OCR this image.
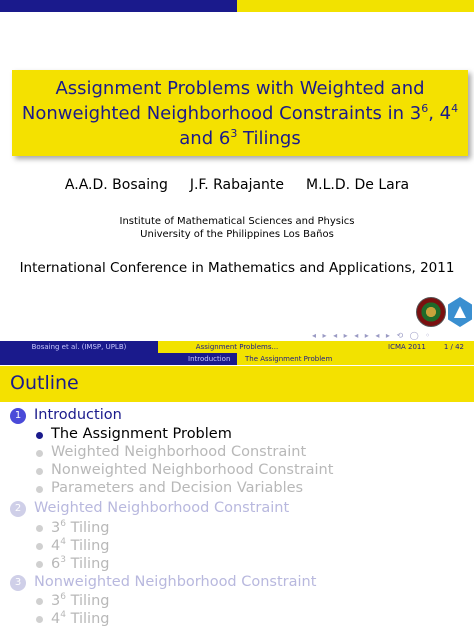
Assignment Problems with Weighted and
Nonweighted Neighborhood Constraints in $3^6$, $4^4$
and $6^3$ Tilings
A.A.D. Bosaing J.F. Rabajante M.L.D. De Lara
Institute of Mathematical Sciences and Physics
University of the Philippines Los Baños
International Conference in Mathematics and Applications, 2011
◂ ▸ ◂ ▸ ◂ ▸ ◂ ▸ ⟲ ◯ ◦
Bosaing et al. (IMSP, UPLB)	Assignment Problems...	ICMA 2011	1 / 42
Introduction The Assignment Problem
Outline
1 Introduction
The Assignment Problem
Weighted Neighborhood Constraint
Nonweighted Neighborhood Constraint
Parameters and Decision Variables
2 Weighted Neighborhood Constraint
$3^6$ Tiling
$4^4$ Tiling
$6^3$ Tiling
3 Nonweighted Neighborhood Constraint
$3^6$ Tiling
$4^4$ Tiling
